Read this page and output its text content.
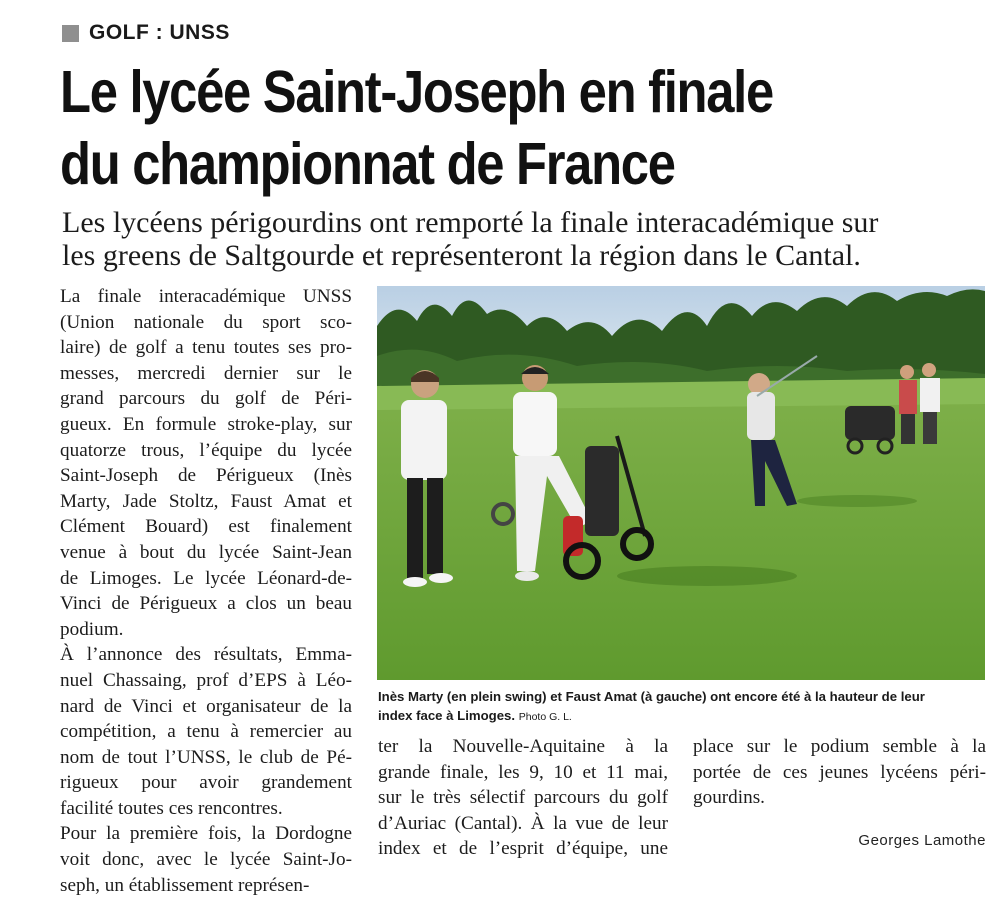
GOLF : UNSS
Le lycée Saint-Joseph en finale
du championnat de France

Les lycéens périgourdins ont remporté la finale interacadémique sur
les greens de Saltgourde et représenteront la région dans le Cantal.

La finale interacadémique UNSS
(Union nationale du sport sco-
laire) de golf a tenu toutes ses pro-
messes, mercredi dernier sur le
grand parcours du golf de Péri-
gueux. En formule stroke-play, sur
quatorze trous, l’équipe du lycée
Saint-Joseph de Périgueux (Inès
Marty, Jade Stoltz, Faust Amat et
Clément Bouard) est finalement
venue à bout du lycée Saint-Jean
de Limoges. Le lycée Léonard-de-
Vinci de Périgueux a clos un beau
podium.
À l’annonce des résultats, Emma-
nuel Chassaing, prof d’EPS à Léo-
nard de Vinci et organisateur de la
compétition, a tenu à remercier au
nom de tout l’UNSS, le club de Pé-
rigueux pour avoir grandement
facilité toutes ces rencontres.
Pour la première fois, la Dordogne
voit donc, avec le lycée Saint-Jo-
seph, un établissement représen-
ter la Nouvelle-Aquitaine à la
grande finale, les 9, 10 et 11 mai,
sur le très sélectif parcours du golf
d’Auriac (Cantal). À la vue de leur
index et de l’esprit d’équipe, une
place sur le podium semble à la
portée de ces jeunes lycéens péri-
gourdins.
Inès Marty (en plein swing) et Faust Amat (à gauche) ont encore été à la hauteur de leur
index face à Limoges. Photo G. L.
Georges Lamothe
